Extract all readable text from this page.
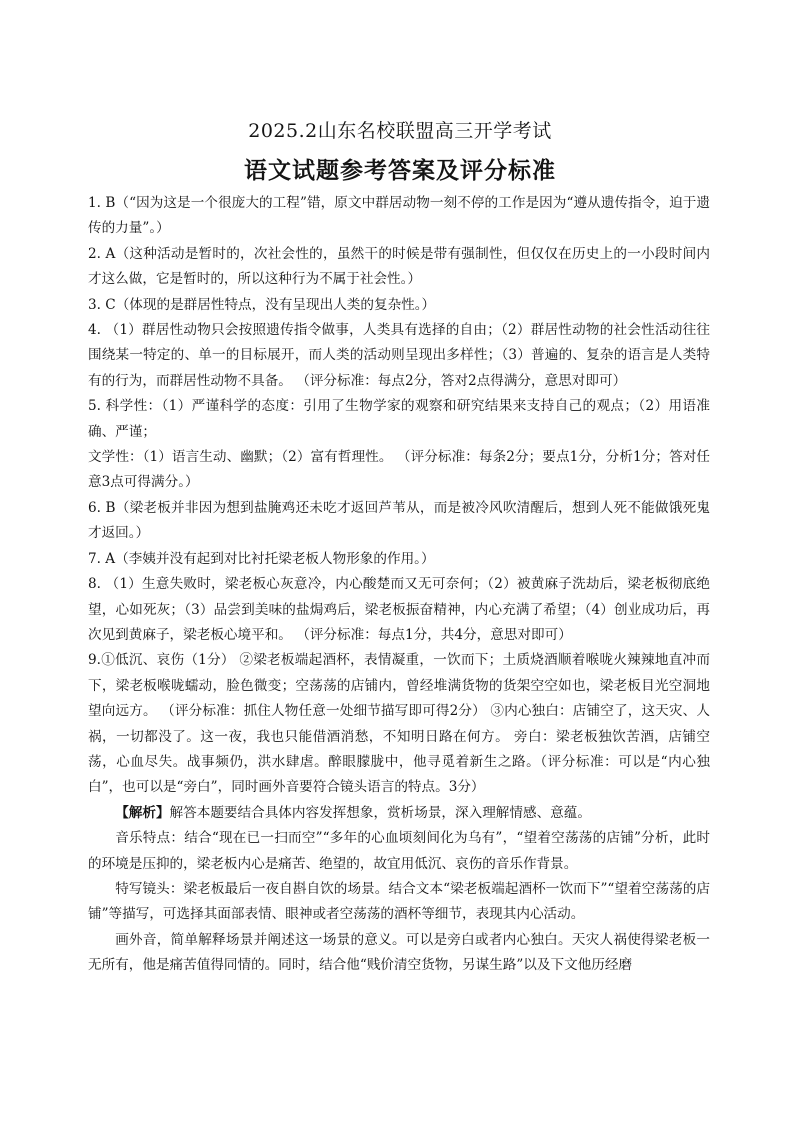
2025.2山东名校联盟高三开学考试
语文试题参考答案及评分标准

1. B（“因为这是一个很庞大的工程”错，原文中群居动物一刻不停的工作是因为“遵从遗传指令，迫于遗传的力量”。）

2. A（这种活动是暂时的，次社会性的，虽然干的时候是带有强制性，但仅仅在历史上的一小段时间内才这么做，它是暂时的，所以这种行为不属于社会性。）

3. C（体现的是群居性特点，没有呈现出人类的复杂性。）

4. （1）群居性动物只会按照遗传指令做事，人类具有选择的自由；（2）群居性动物的社会性活动往往围绕某一特定的、单一的目标展开，而人类的活动则呈现出多样性；（3）普遍的、复杂的语言是人类特有的行为，而群居性动物不具备。 （评分标准：每点2分，答对2点得满分，意思对即可）

5. 科学性：（1）严谨科学的态度：引用了生物学家的观察和研究结果来支持自己的观点；（2）用语准确、严谨；

文学性：（1）语言生动、幽默；（2）富有哲理性。 （评分标准：每条2分；要点1分，分析1分；答对任意3点可得满分。）

6. B（梁老板并非因为想到盐腌鸡还未吃才返回芦苇从，而是被冷风吹清醒后，想到人死不能做饿死鬼才返回。）

7. A（李姨并没有起到对比衬托梁老板人物形象的作用。）

8. （1）生意失败时，梁老板心灰意冷，内心酸楚而又无可奈何；（2）被黄麻子洗劫后，梁老板彻底绝望，心如死灰；（3）品尝到美味的盐焗鸡后，梁老板振奋精神，内心充满了希望；（4）创业成功后，再次见到黄麻子，梁老板心境平和。 （评分标准：每点1分，共4分，意思对即可）

9.①低沉、哀伤（1分） ②梁老板端起酒杯，表情凝重，一饮而下；土质烧酒顺着喉咙火辣辣地直冲而下，梁老板喉咙蠕动，脸色微变；空荡荡的店铺内，曾经堆满货物的货架空空如也，梁老板目光空洞地望向远方。 （评分标准：抓住人物任意一处细节描写即可得2分） ③内心独白：店铺空了，这天灾、人祸，一切都没了。这一夜，我也只能借酒消愁，不知明日路在何方。 旁白：梁老板独饮苦酒，店铺空荡，心血尽失。战事频仍，洪水肆虐。醉眼朦胧中，他寻觅着新生之路。（评分标准：可以是“内心独白”，也可以是“旁白”，同时画外音要符合镜头语言的特点。3分）

【解析】解答本题要结合具体内容发挥想象，赏析场景，深入理解情感、意蕴。

音乐特点：结合“现在已一扫而空”“多年的心血顷刻间化为乌有”，“望着空荡荡的店铺”分析，此时的环境是压抑的，梁老板内心是痛苦、绝望的，故宜用低沉、哀伤的音乐作背景。

特写镜头：梁老板最后一夜自斟自饮的场景。结合文本“梁老板端起酒杯一饮而下”“望着空荡荡的店铺”等描写，可选择其面部表情、眼神或者空荡荡的酒杯等细节，表现其内心活动。

画外音，简单解释场景并阐述这一场景的意义。可以是旁白或者内心独白。天灾人祸使得梁老板一无所有，他是痛苦值得同情的。同时，结合他“贱价清空货物，另谋生路”以及下文他历经磨
